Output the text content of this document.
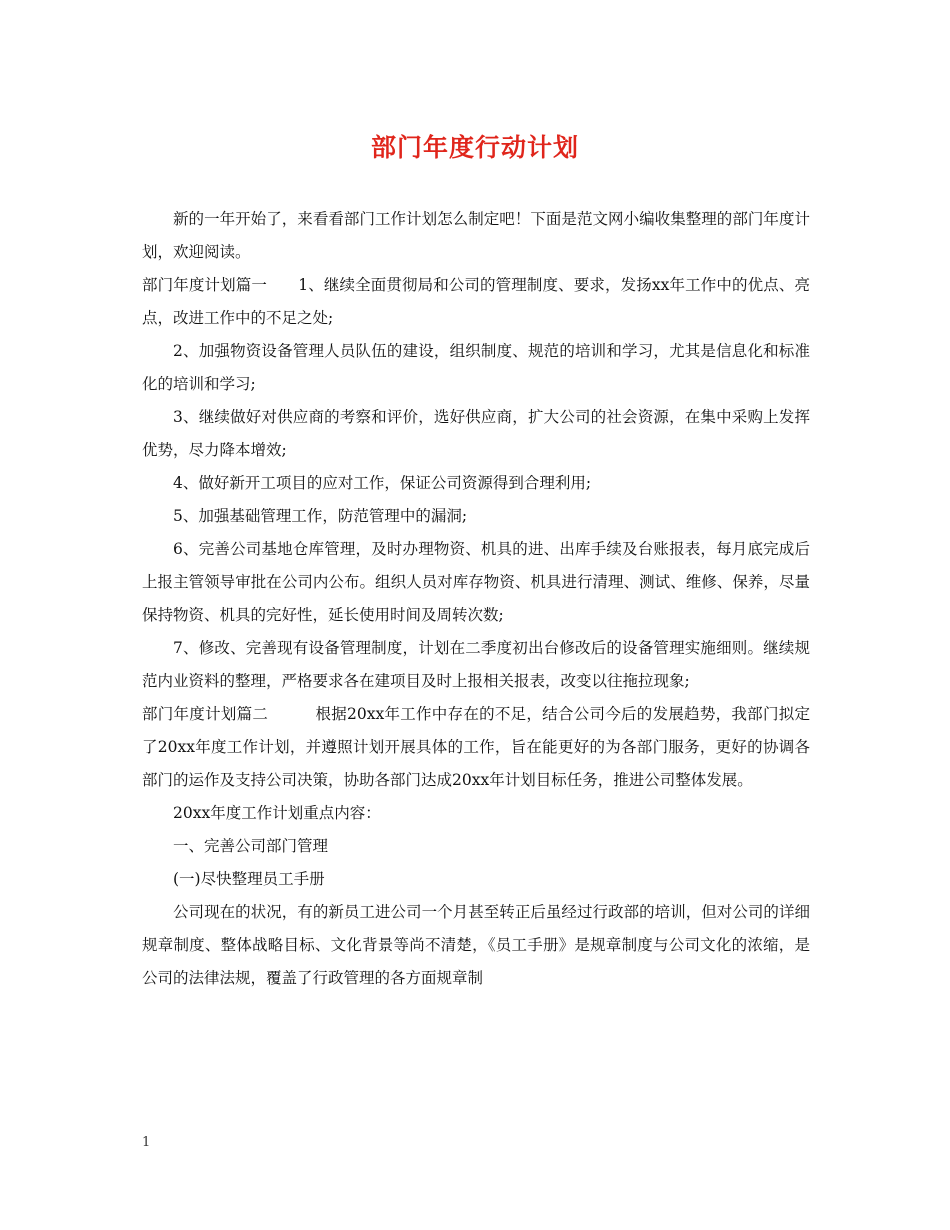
部门年度行动计划

新的一年开始了，来看看部门工作计划怎么制定吧！下面是范文网小编收集整理的部门年度计划，欢迎阅读。

部门年度计划篇一　　1、继续全面贯彻局和公司的管理制度、要求，发扬xx年工作中的优点、亮点，改进工作中的不足之处;

2、加强物资设备管理人员队伍的建设，组织制度、规范的培训和学习，尤其是信息化和标准化的培训和学习;

3、继续做好对供应商的考察和评价，选好供应商，扩大公司的社会资源，在集中采购上发挥优势，尽力降本增效;

4、做好新开工项目的应对工作，保证公司资源得到合理利用;

5、加强基础管理工作，防范管理中的漏洞;

6、完善公司基地仓库管理，及时办理物资、机具的进、出库手续及台账报表，每月底完成后上报主管领导审批在公司内公布。组织人员对库存物资、机具进行清理、测试、维修、保养，尽量保持物资、机具的完好性，延长使用时间及周转次数;

7、修改、完善现有设备管理制度，计划在二季度初出台修改后的设备管理实施细则。继续规范内业资料的整理，严格要求各在建项目及时上报相关报表，改变以往拖拉现象;

部门年度计划篇二　　　根据20xx年工作中存在的不足，结合公司今后的发展趋势，我部门拟定了20xx年度工作计划，并遵照计划开展具体的工作，旨在能更好的为各部门服务，更好的协调各部门的运作及支持公司决策，协助各部门达成20xx年计划目标任务，推进公司整体发展。

20xx年度工作计划重点内容：

一、完善公司部门管理

(一)尽快整理员工手册

公司现在的状况，有的新员工进公司一个月甚至转正后虽经过行政部的培训，但对公司的详细规章制度、整体战略目标、文化背景等尚不清楚，《员工手册》是规章制度与公司文化的浓缩，是公司的法律法规，覆盖了行政管理的各方面规章制

1
